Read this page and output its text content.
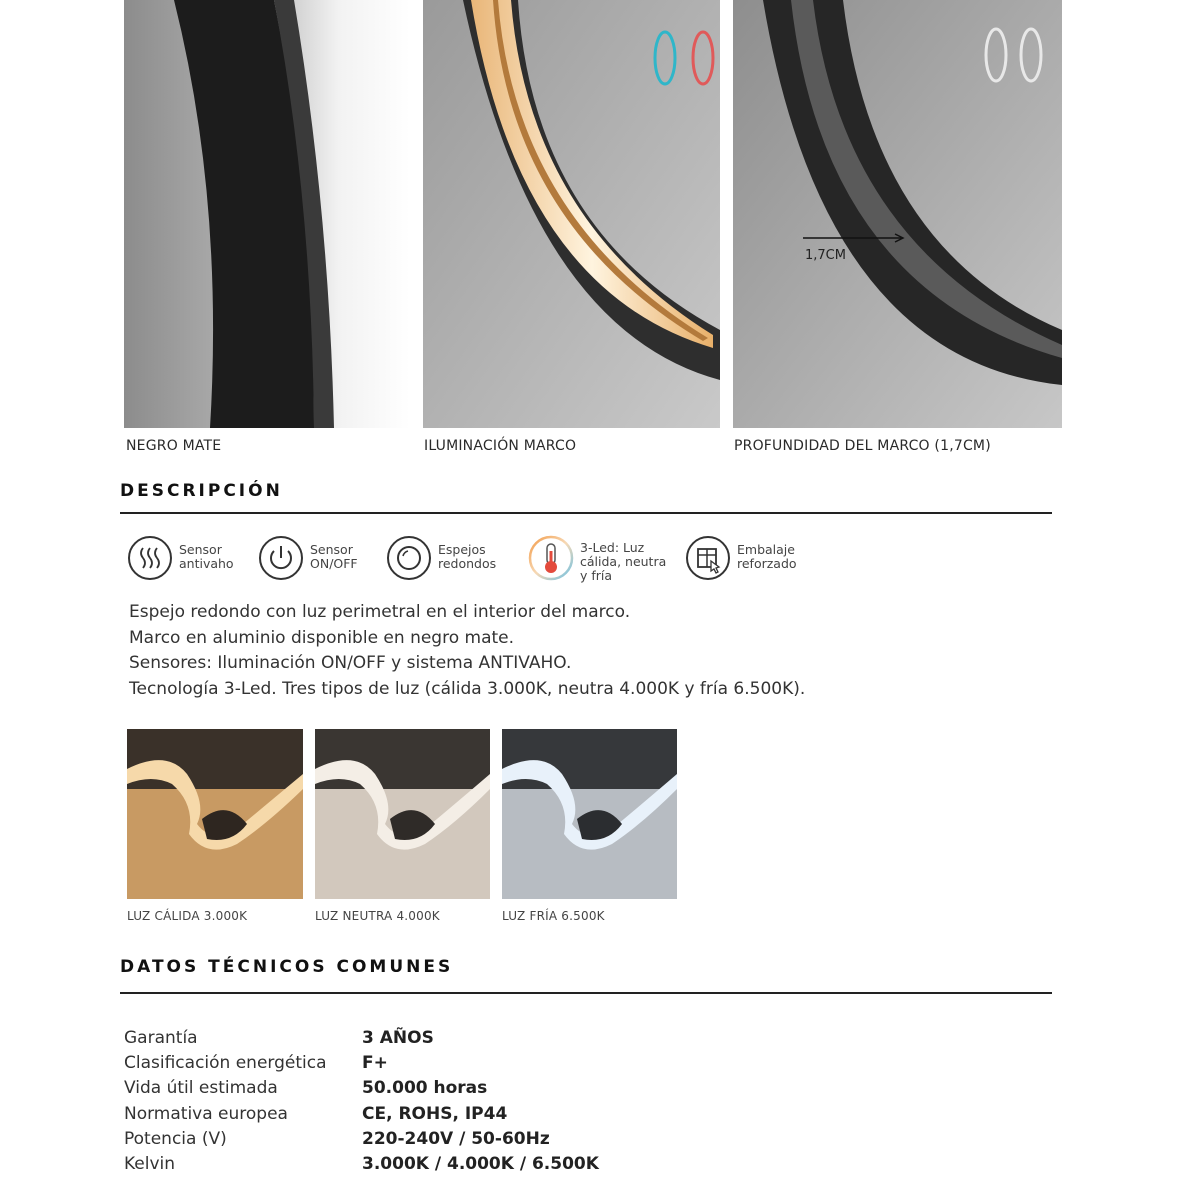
1,7CM
NEGRO MATE	ILUMINACIÓN MARCO	PROFUNDIDAD DEL MARCO (1,7CM)
DESCRIPCIÓN
Sensor
antivaho
Sensor
ON/OFF
Espejos
redondos
3-Led: Luz
cálida, neutra
y fría
Embalaje
reforzado
Espejo redondo con luz perimetral en el interior del marco.
Marco en aluminio disponible en negro mate.
Sensores: Iluminación ON/OFF y sistema ANTIVAHO.
Tecnología 3-Led. Tres tipos de luz (cálida 3.000K, neutra 4.000K y fría 6.500K).
LUZ CÁLIDA 3.000K	LUZ NEUTRA 4.000K	LUZ FRÍA 6.500K
DATOS TÉCNICOS COMUNES
Garantía	3 AÑOS
Clasificación energética	F+
Vida útil estimada	50.000 horas
Normativa europea	CE, ROHS, IP44
Potencia (V)	220-240V / 50-60Hz
Kelvin	3.000K / 4.000K / 6.500K
